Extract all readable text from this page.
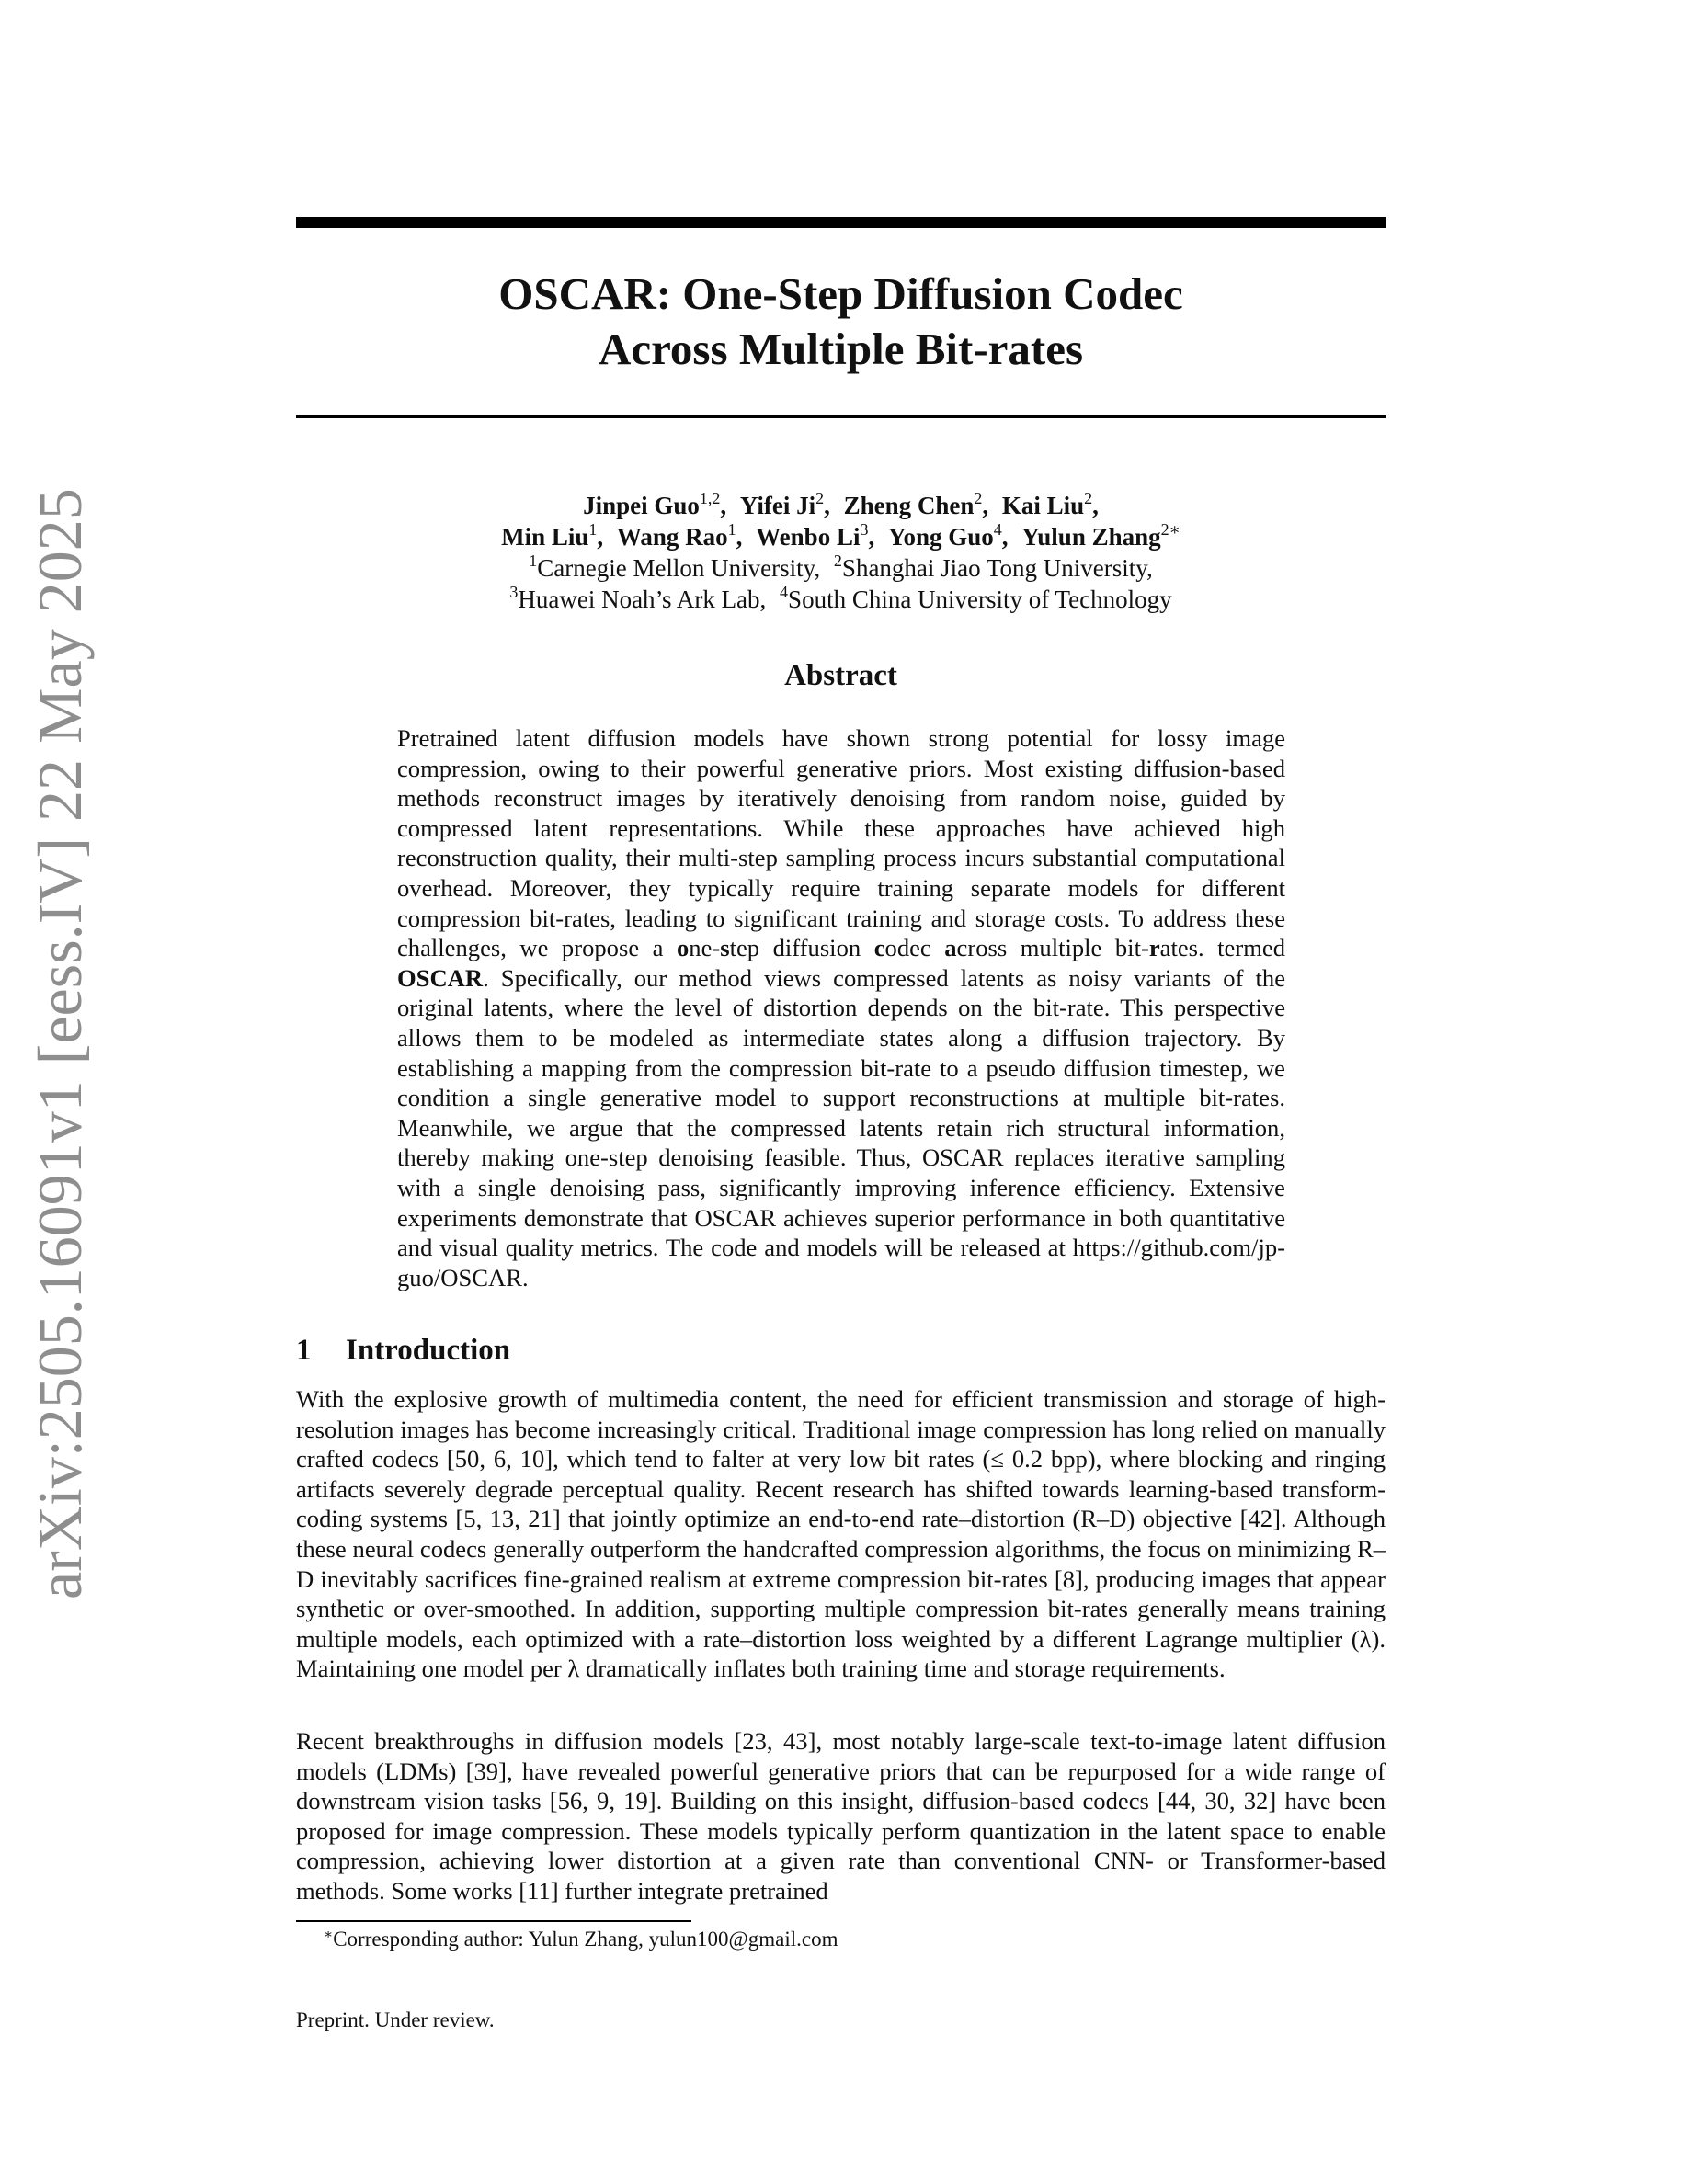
arXiv:2505.16091v1 [eess.IV] 22 May 2025
OSCAR: One-Step Diffusion Codec
Across Multiple Bit-rates
Jinpei Guo$^{1,2}$, Yifei Ji$^2$, Zheng Chen$^2$, Kai Liu$^2$,
Min Liu$^1$, Wang Rao$^1$, Wenbo Li$^3$, Yong Guo$^4$, Yulun Zhang$^{2∗}$
$^1$Carnegie Mellon University, $^2$Shanghai Jiao Tong University,
$^3$Huawei Noah’s Ark Lab, $^4$South China University of Technology
Abstract

Pretrained latent diffusion models have shown strong potential for lossy image compression, owing to their powerful generative priors. Most existing diffusion-based methods reconstruct images by iteratively denoising from random noise, guided by compressed latent representations. While these approaches have achieved high reconstruction quality, their multi-step sampling process incurs substantial computational overhead. Moreover, they typically require training separate models for different compression bit-rates, leading to significant training and storage costs. To address these challenges, we propose a one-step diffusion codec across multiple bit-rates. termed OSCAR. Specifically, our method views compressed latents as noisy variants of the original latents, where the level of distortion depends on the bit-rate. This perspective allows them to be modeled as intermediate states along a diffusion trajectory. By establishing a mapping from the compression bit-rate to a pseudo diffusion timestep, we condition a single generative model to support reconstructions at multiple bit-rates. Meanwhile, we argue that the compressed latents retain rich structural information, thereby making one-step denoising feasible. Thus, OSCAR replaces iterative sampling with a single denoising pass, significantly improving inference efficiency. Extensive experiments demonstrate that OSCAR achieves superior performance in both quantitative and visual quality metrics. The code and models will be released at https://github.com/jp-guo/OSCAR.

1 Introduction

With the explosive growth of multimedia content, the need for efficient transmission and storage of high-resolution images has become increasingly critical. Traditional image compression has long relied on manually crafted codecs [50, 6, 10], which tend to falter at very low bit rates (≤ 0.2 bpp), where blocking and ringing artifacts severely degrade perceptual quality. Recent research has shifted towards learning-based transform-coding systems [5, 13, 21] that jointly optimize an end-to-end rate–distortion (R–D) objective [42]. Although these neural codecs generally outperform the handcrafted compression algorithms, the focus on minimizing R–D inevitably sacrifices fine-grained realism at extreme compression bit-rates [8], producing images that appear synthetic or over-smoothed. In addition, supporting multiple compression bit-rates generally means training multiple models, each optimized with a rate–distortion loss weighted by a different Lagrange multiplier (λ). Maintaining one model per λ dramatically inflates both training time and storage requirements.

Recent breakthroughs in diffusion models [23, 43], most notably large-scale text-to-image latent diffusion models (LDMs) [39], have revealed powerful generative priors that can be repurposed for a wide range of downstream vision tasks [56, 9, 19]. Building on this insight, diffusion-based codecs [44, 30, 32] have been proposed for image compression. These models typically perform quantization in the latent space to enable compression, achieving lower distortion at a given rate than conventional CNN- or Transformer-based methods. Some works [11] further integrate pretrained

∗Corresponding author: Yulun Zhang, yulun100@gmail.com
Preprint. Under review.
